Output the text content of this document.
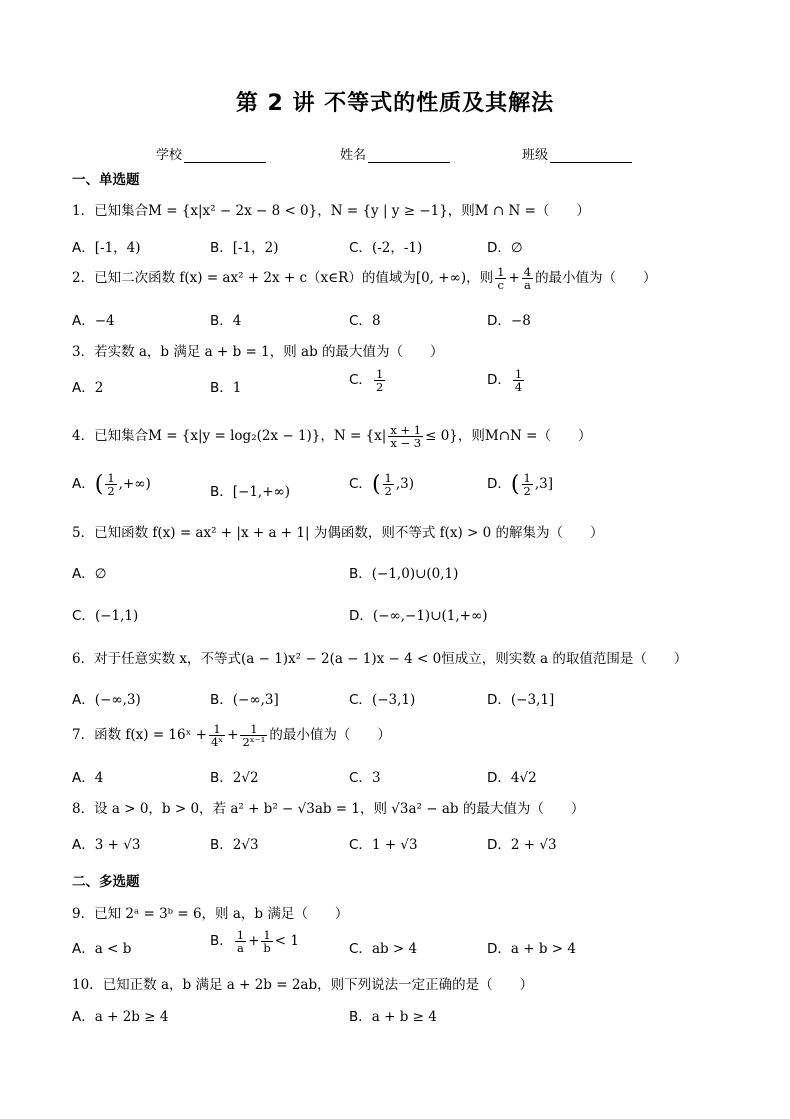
第 2 讲 不等式的性质及其解法
学校	姓名	班级
一、单选题
1．已知集合M = {x|x² − 2x − 8 < 0}，N = {y | y ≥ −1}，则M ∩ N =（　　）
A．[-1，4)	B．[-1，2)	C．(-2，-1)	D．∅
2．已知二次函数 f(x) = ax² + 2x + c（x∈R）的值域为[0, +∞)，则 $\frac{1}{c} + \frac{4}{a}$ 的最小值为（　　）
A．−4	B．4	C．8	D．−8
3．若实数 a，b 满足 a + b = 1，则 ab 的最大值为（　　）
A．2	B．1	C． $\frac{1}{2}$	D． $\frac{1}{4}$
4．已知集合M = {x|y = log₂(2x − 1)}，$N = \{x| \frac{x + 1}{x - 3} \le 0\}$，则M∩N =（　　）
A．( $\frac{1}{2}$ ,+∞)	B．[−1,+∞)	C．( $\frac{1}{2} ,3$)	D．( $\frac{1}{2} ,3$]
5．已知函数 f(x) = ax² + |x + a + 1| 为偶函数，则不等式 f(x) > 0 的解集为（　　）
A．∅	B．(−1,0)∪(0,1)
C．(−1,1)	D．(−∞,−1)∪(1,+∞)
6．对于任意实数 x，不等式(a − 1)x² − 2(a − 1)x − 4 < 0恒成立，则实数 a 的取值范围是（　　）
A．(−∞,3)	B．(−∞,3]	C．(−3,1)	D．(−3,1]
7．函数 f(x) = 16ˣ + $\frac{1}{\text{4ˣ}} + \frac{1}{\text{2ˣ⁻¹}}$ 的最小值为（　　）
A．4	B．2√2	C．3	D．4√2
8．设 a > 0，b > 0，若 a² + b² − √3ab = 1，则 √3a² − ab 的最大值为（　　）
A．3 + √3	B．2√3	C．1 + √3	D．2 + √3
二、多选题
9．已知 2ᵃ = 3ᵇ = 6，则 a，b 满足（　　）
A．a < b	B． $\frac{1}{a} + \frac{1}{b} < 1$	C．ab > 4	D．a + b > 4
10．已知正数 a，b 满足 a + 2b = 2ab，则下列说法一定正确的是（　　）
A．a + 2b ≥ 4	B．a + b ≥ 4
